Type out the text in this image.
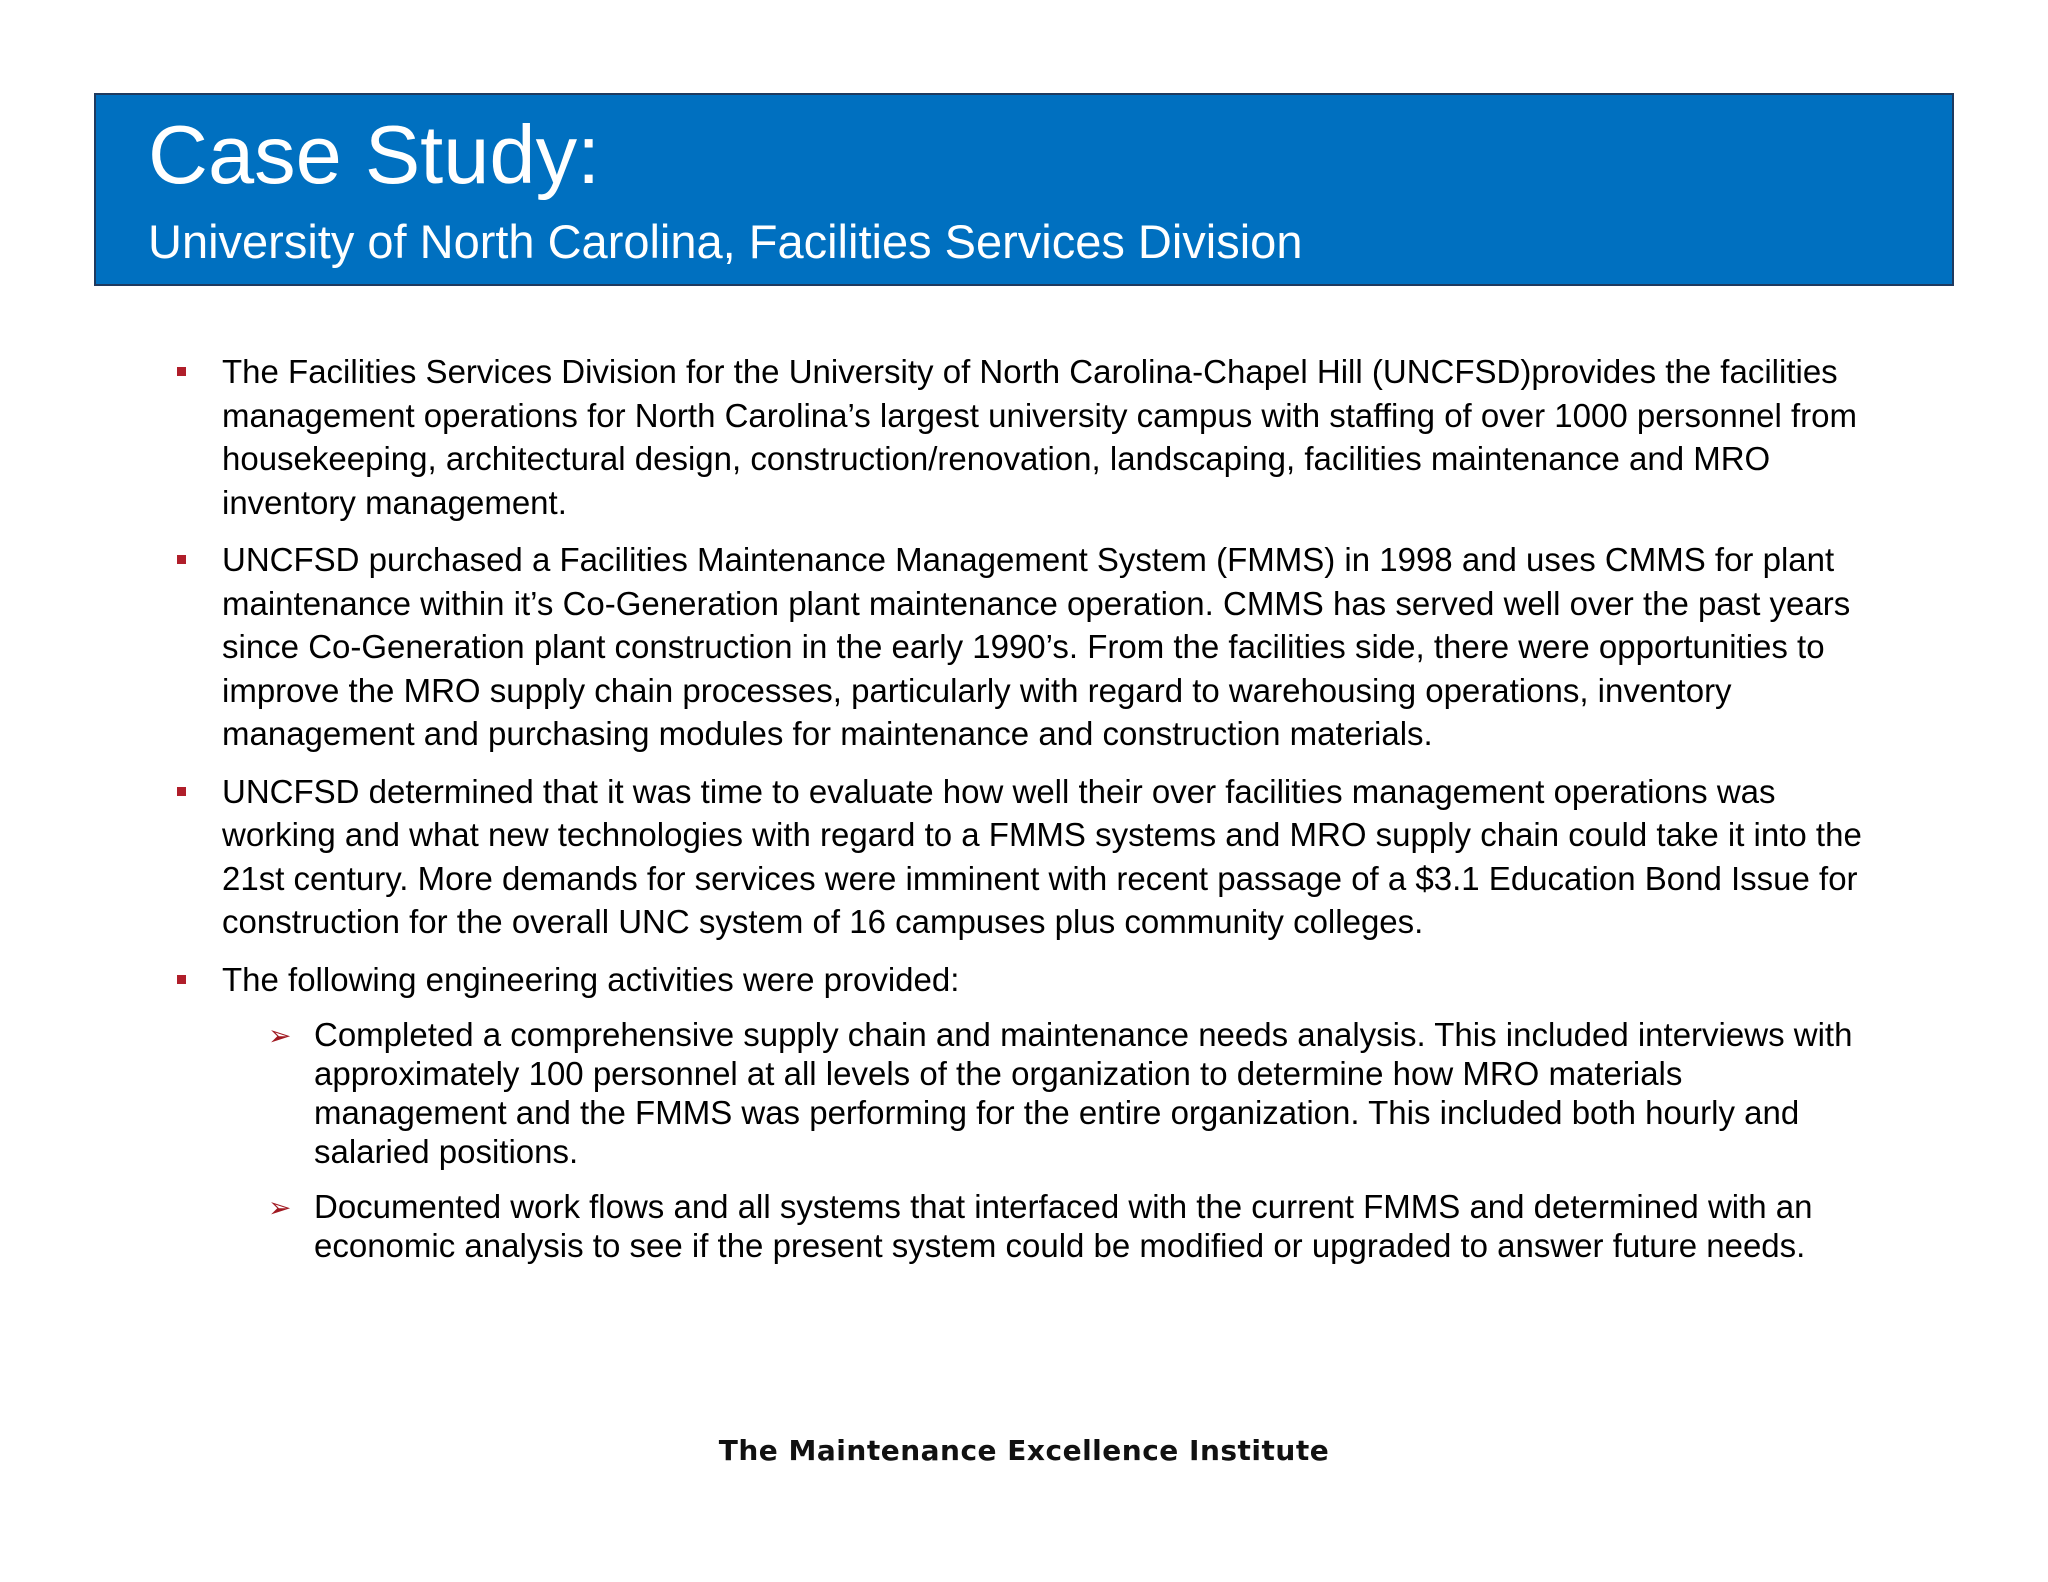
Case Study:
University of North Carolina, Facilities Services Division
The Facilities Services Division for the University of North Carolina-Chapel Hill (UNCFSD)provides the facilities management operations for North Carolina’s largest university campus with staffing of over 1000 personnel from housekeeping, architectural design, construction/renovation, landscaping, facilities maintenance and MRO inventory management.
UNCFSD purchased a Facilities Maintenance Management System (FMMS) in 1998 and uses CMMS for plant maintenance within it’s Co-Generation plant maintenance operation. CMMS has served well over the past years since Co-Generation plant construction in the early 1990’s. From the facilities side, there were opportunities to improve the MRO supply chain processes, particularly with regard to warehousing operations, inventory management and purchasing modules for maintenance and construction materials.
UNCFSD determined that it was time to evaluate how well their over facilities management operations was working and what new technologies with regard to a FMMS systems and MRO supply chain could take it into the 21st century. More demands for services were imminent with recent passage of a $3.1 Education Bond Issue for construction for the overall UNC system of 16 campuses plus community colleges.
The following engineering activities were provided:
➢ Completed a comprehensive supply chain and maintenance needs analysis. This included interviews with approximately 100 personnel at all levels of the organization to determine how MRO materials management and the FMMS was performing for the entire organization. This included both hourly and salaried positions.
➢ Documented work flows and all systems that interfaced with the current FMMS and determined with an economic analysis to see if the present system could be modified or upgraded to answer future needs.
The Maintenance Excellence Institute
